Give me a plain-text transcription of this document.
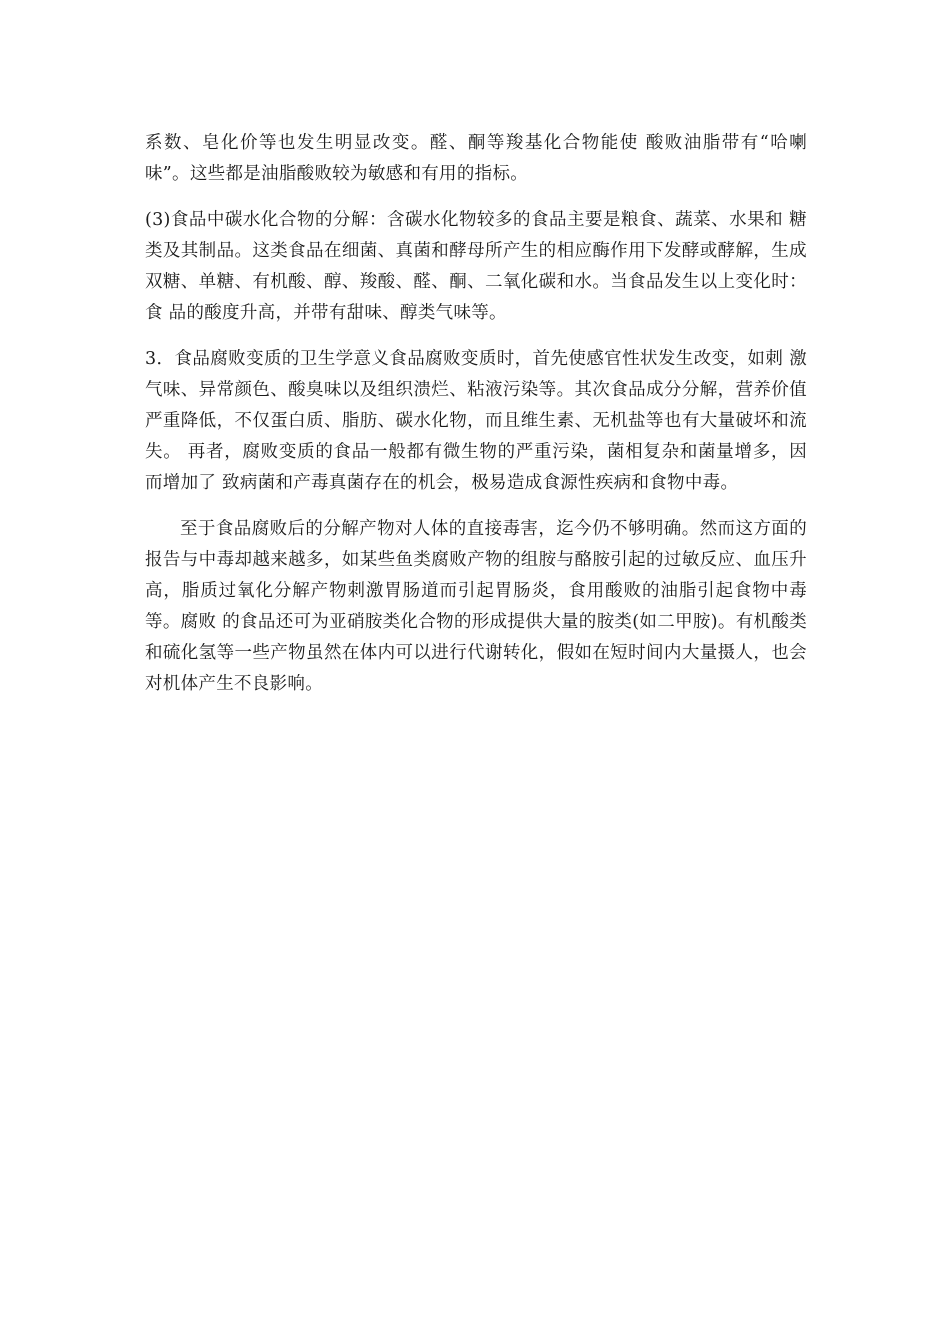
系数、皂化价等也发生明显改变。醛、酮等羧基化合物能使 酸败油脂带有“哈喇味”。这些都是油脂酸败较为敏感和有用的指标。

(3)食品中碳水化合物的分解：含碳水化物较多的食品主要是粮食、蔬菜、水果和 糖类及其制品。这类食品在细菌、真菌和酵母所产生的相应酶作用下发酵或酵解，生成 双糖、单糖、有机酸、醇、羧酸、醛、酮、二氧化碳和水。当食品发生以上变化时：食 品的酸度升高，并带有甜味、醇类气味等。

3．食品腐败变质的卫生学意义食品腐败变质时，首先使感官性状发生改变，如刺 激气味、异常颜色、酸臭味以及组织溃烂、粘液污染等。其次食品成分分解，营养价值 严重降低，不仅蛋白质、脂肪、碳水化物，而且维生素、无机盐等也有大量破坏和流失。 再者，腐败变质的食品一般都有微生物的严重污染，菌相复杂和菌量增多，因而增加了 致病菌和产毒真菌存在的机会，极易造成食源性疾病和食物中毒。

至于食品腐败后的分解产物对人体的直接毒害，迄今仍不够明确。然而这方面的报告与中毒却越来越多，如某些鱼类腐败产物的组胺与酪胺引起的过敏反应、血压升高，脂质过氧化分解产物刺激胃肠道而引起胃肠炎，食用酸败的油脂引起食物中毒等。腐败 的食品还可为亚硝胺类化合物的形成提供大量的胺类(如二甲胺)。有机酸类和硫化氢等一些产物虽然在体内可以进行代谢转化，假如在短时间内大量摄人，也会对机体产生不良影响。
